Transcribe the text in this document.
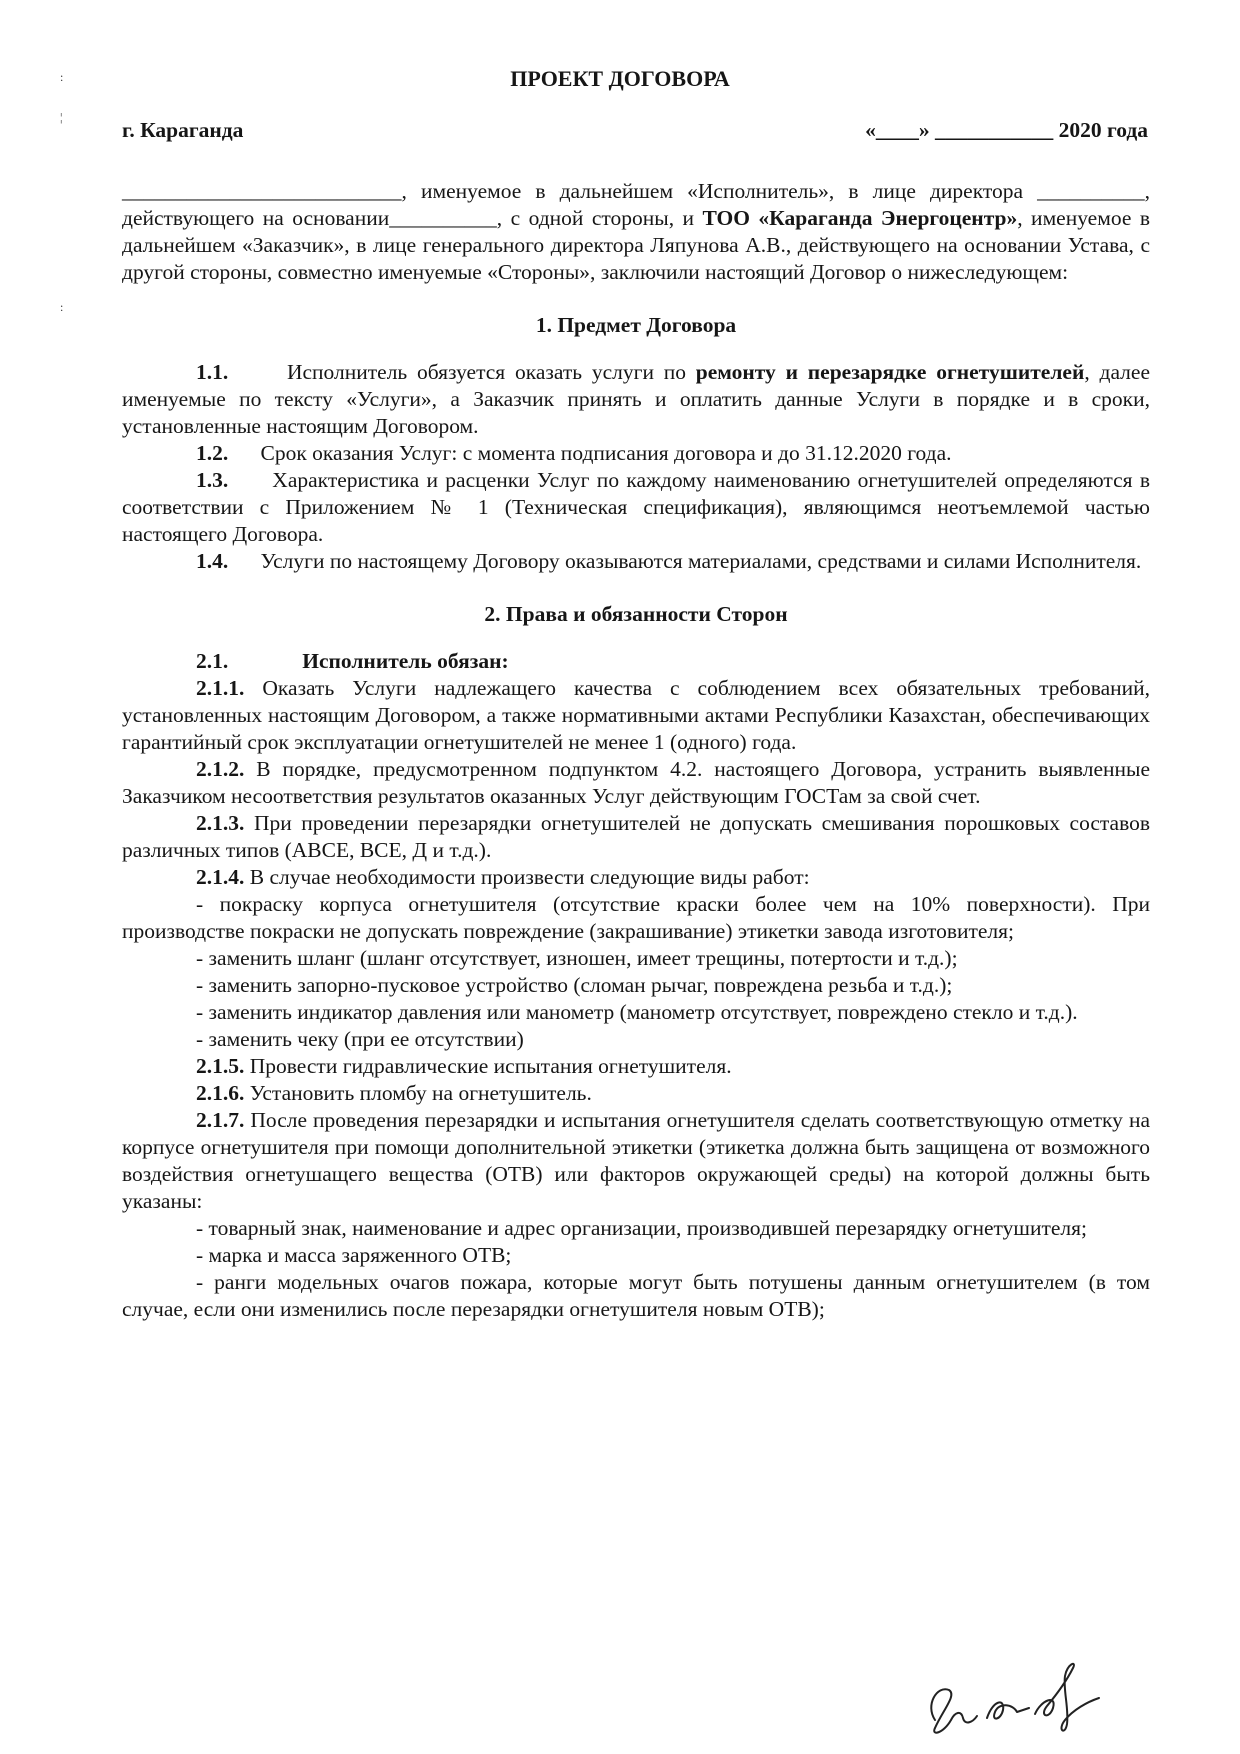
ПРОЕКТ ДОГОВОРА
г. Караганда	«____» ___________ 2020 года

__________________________, именуемое в дальнейшем «Исполнитель», в лице директора __________, действующего на основании__________, с одной стороны, и ТОО «Караганда Энергоцентр», именуемое в дальнейшем «Заказчик», в лице генерального директора Ляпунова А.В., действующего на основании Устава, с другой стороны, совместно именуемые «Стороны», заключили настоящий Договор о нижеследующем:

1. Предмет Договора

1.1.	Исполнитель обязуется оказать услуги по ремонту и перезарядке огнетушителей, далее именуемые по тексту «Услуги», а Заказчик принять и оплатить данные Услуги в порядке и в сроки, установленные настоящим Договором.

1.2. Срок оказания Услуг: с момента подписания договора и до 31.12.2020 года.

1.3. Характеристика и расценки Услуг по каждому наименованию огнетушителей определяются в соответствии с Приложением № 1 (Техническая спецификация), являющимся неотъемлемой частью настоящего Договора.

1.4. Услуги по настоящему Договору оказываются материалами, средствами и силами Исполнителя.

2. Права и обязанности Сторон

2.1.	Исполнитель обязан:

2.1.1. Оказать Услуги надлежащего качества с соблюдением всех обязательных требований, установленных настоящим Договором, а также нормативными актами Республики Казахстан, обеспечивающих гарантийный срок эксплуатации огнетушителей не менее 1 (одного) года.

2.1.2. В порядке, предусмотренном подпунктом 4.2. настоящего Договора, устранить выявленные Заказчиком несоответствия результатов оказанных Услуг действующим ГОСТам за свой счет.

2.1.3. При проведении перезарядки огнетушителей не допускать смешивания порошковых составов различных типов (ABCE, BCE, Д и т.д.).

2.1.4. В случае необходимости произвести следующие виды работ:

- покраску корпуса огнетушителя (отсутствие краски более чем на 10% поверхности). При производстве покраски не допускать повреждение (закрашивание) этикетки завода изготовителя;

- заменить шланг (шланг отсутствует, изношен, имеет трещины, потертости и т.д.);

- заменить запорно-пусковое устройство (сломан рычаг, повреждена резьба и т.д.);

- заменить индикатор давления или манометр (манометр отсутствует, повреждено стекло и т.д.).

- заменить чеку (при ее отсутствии)

2.1.5. Провести гидравлические испытания огнетушителя.

2.1.6. Установить пломбу на огнетушитель.

2.1.7. После проведения перезарядки и испытания огнетушителя сделать соответствующую отметку на корпусе огнетушителя при помощи дополнительной этикетки (этикетка должна быть защищена от возможного воздействия огнетушащего вещества (ОТВ) или факторов окружающей среды) на которой должны быть указаны:

- товарный знак, наименование и адрес организации, производившей перезарядку огнетушителя;

- марка и масса заряженного ОТВ;

- ранги модельных очагов пожара, которые могут быть потушены данным огнетушителем (в том случае, если они изменились после перезарядки огнетушителя новым ОТВ);

:
¦
:
